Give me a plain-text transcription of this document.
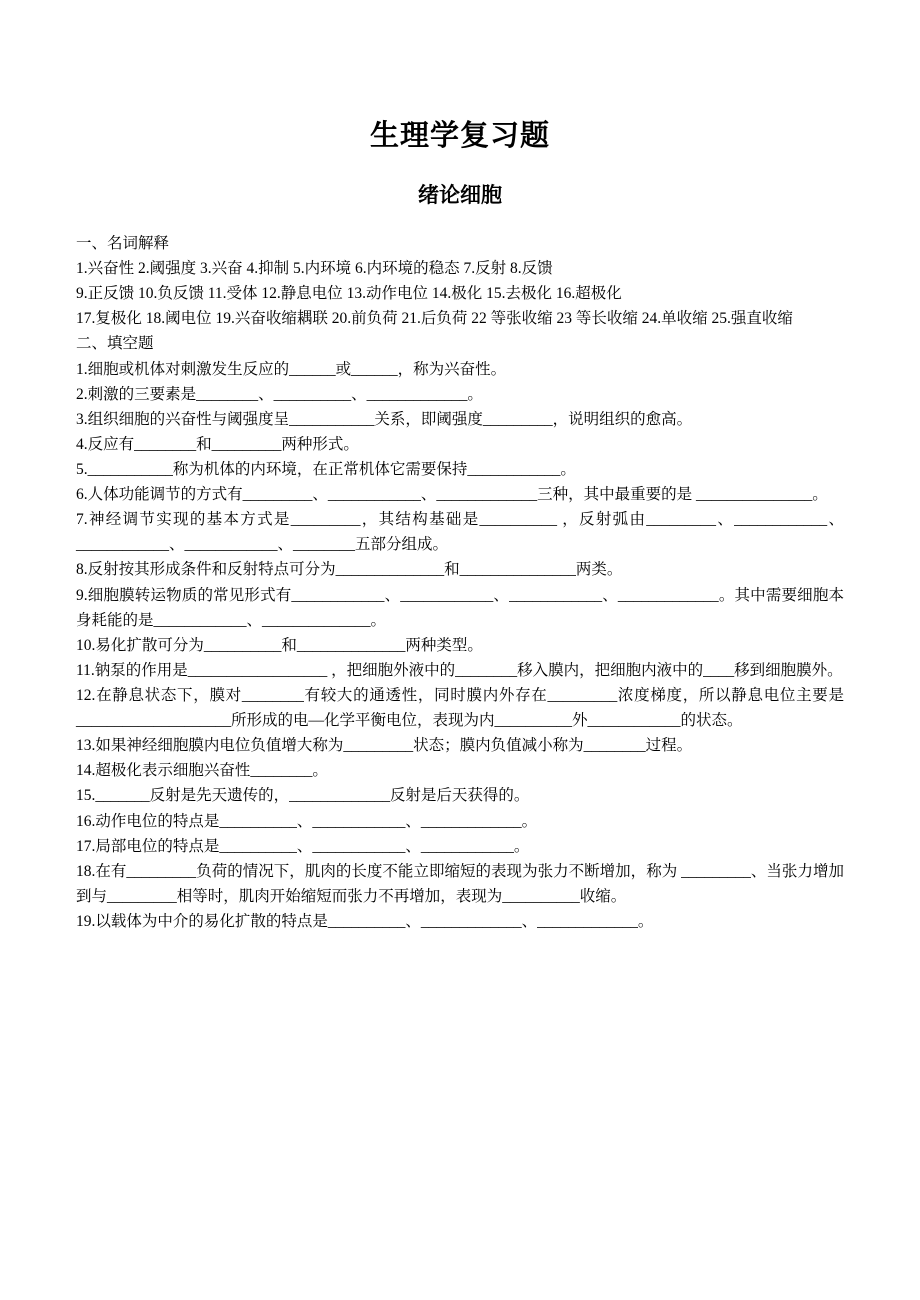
生理学复习题
绪论细胞

一、名词解释

1.兴奋性 2.阈强度 3.兴奋 4.抑制 5.内环境 6.内环境的稳态 7.反射 8.反馈

9.正反馈 10.负反馈 11.受体 12.静息电位 13.动作电位 14.极化 15.去极化 16.超极化

17.复极化 18.阈电位 19.兴奋收缩耦联 20.前负荷 21.后负荷 22 等张收缩 23 等长收缩 24.单收缩 25.强直收缩

二、填空题

1.细胞或机体对刺激发生反应的______或______，称为兴奋性。

2.刺激的三要素是________、__________、_____________。

3.组织细胞的兴奋性与阈强度呈___________关系，即阈强度_________，说明组织的愈高。

4.反应有________和_________两种形式。

5.___________称为机体的内环境，在正常机体它需要保持____________。

6.人体功能调节的方式有_________、____________、_____________三种，其中最重要的是 _______________。

7.神经调节实现的基本方式是_________，其结构基础是__________ ，反射弧由_________、____________、____________、____________、________五部分组成。

8.反射按其形成条件和反射特点可分为______________和_______________两类。

9.细胞膜转运物质的常见形式有____________、____________、____________、_____________。其中需要细胞本身耗能的是____________、______________。

10.易化扩散可分为__________和______________两种类型。

11.钠泵的作用是__________________ ，把细胞外液中的________移入膜内，把细胞内液中的____移到细胞膜外。

12.在静息状态下，膜对________有较大的通透性，同时膜内外存在_________浓度梯度，所以静息电位主要是____________________所形成的电—化学平衡电位，表现为内__________外____________的状态。

13.如果神经细胞膜内电位负值增大称为_________状态；膜内负值减小称为________过程。

14.超极化表示细胞兴奋性________。

15._______反射是先天遗传的，_____________反射是后天获得的。

16.动作电位的特点是__________、____________、_____________。

17.局部电位的特点是__________、____________、____________。

18.在有_________负荷的情况下，肌肉的长度不能立即缩短的表现为张力不断增加，称为 _________、当张力增加到与_________相等时，肌肉开始缩短而张力不再增加，表现为__________收缩。

19.以载体为中介的易化扩散的特点是__________、_____________、_____________。
